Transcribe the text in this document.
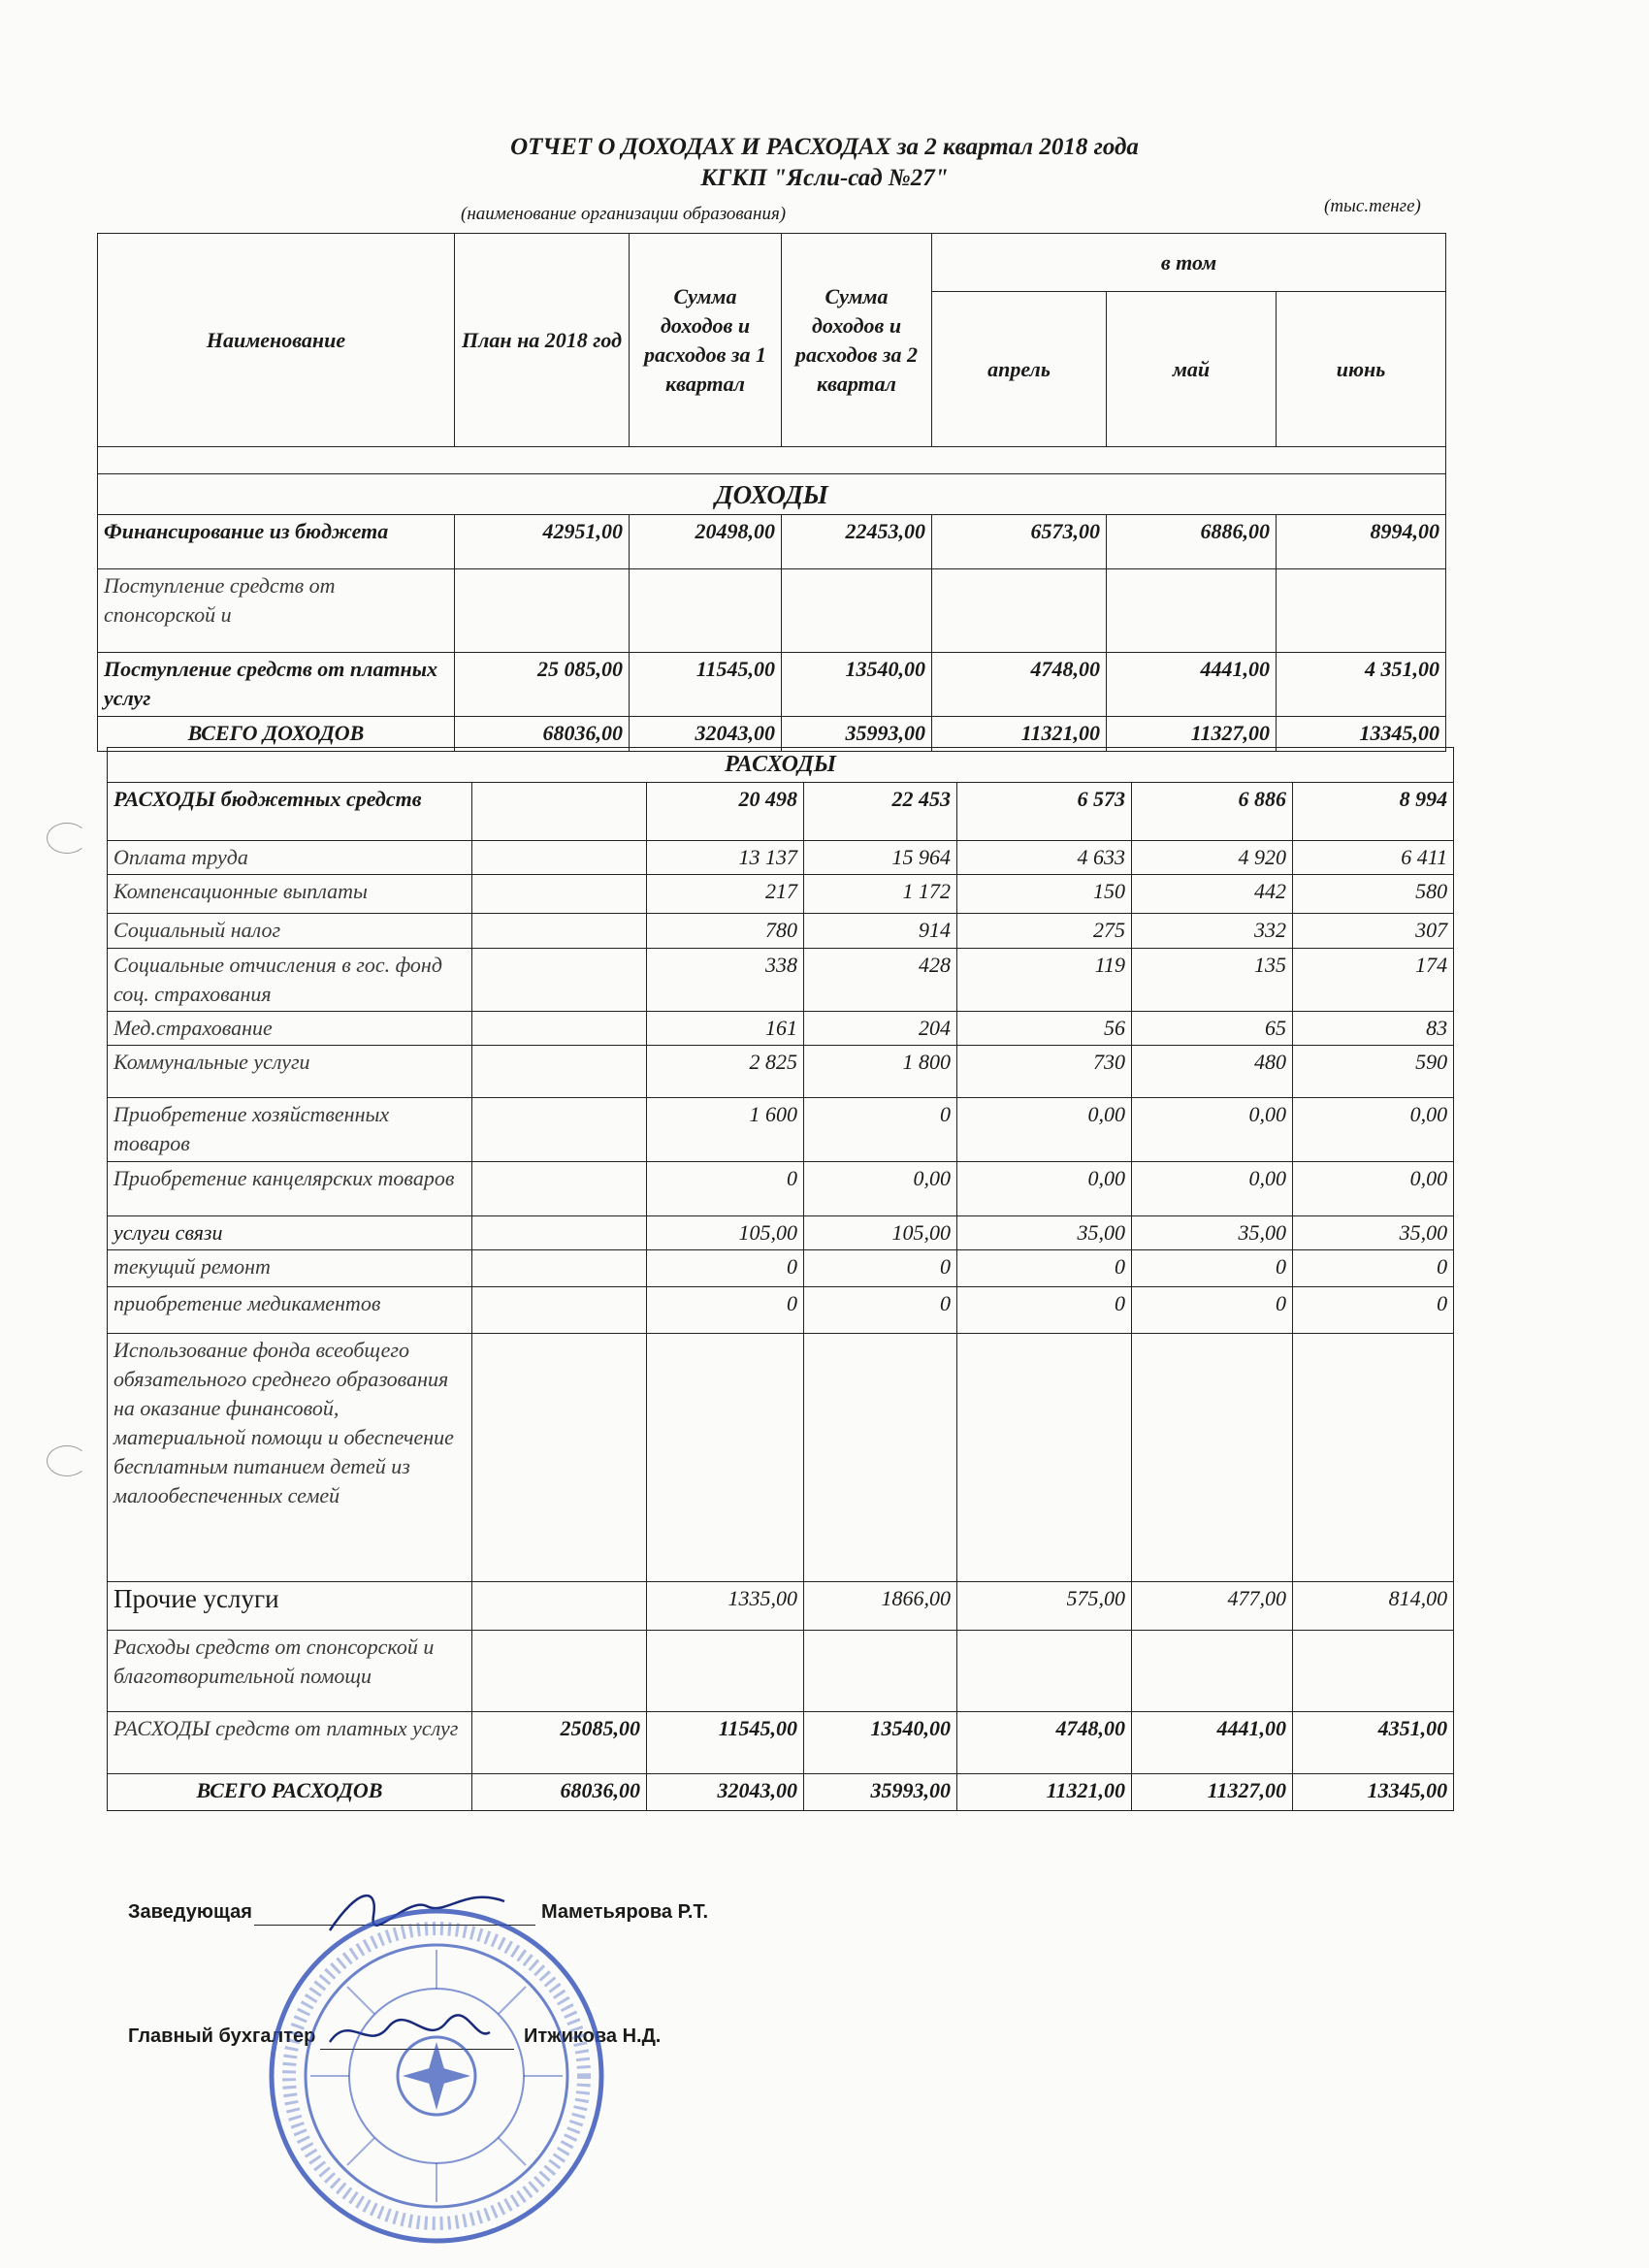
ОТЧЕТ О ДОХОДАХ И РАСХОДАХ за 2 квартал 2018 года
КГКП "Ясли-сад №27"
(наименование организации образования)	(тыс.тенге)
Наименование	План на 2018 год	Сумма доходов и расходов за 1 квартал	Сумма доходов и расходов за 2 квартал	в том		
				апрель	май	июнь

ДОХОДЫ						
Финансирование из бюджета	42951,00	20498,00	22453,00	6573,00	6886,00	8994,00
Поступление средств от спонсорской и						
Поступление средств от платных услуг	25 085,00	11545,00	13540,00	4748,00	4441,00	4 351,00
ВСЕГО ДОХОДОВ	68036,00	32043,00	35993,00	11321,00	11327,00	13345,00
РАСХОДЫ						
РАСХОДЫ бюджетных средств		20 498	22 453	6 573	6 886	8 994
Оплата труда		13 137	15 964	4 633	4 920	6 411
Компенсационные выплаты		217	1 172	150	442	580
Социальный налог		780	914	275	332	307
Социальные отчисления в гос. фонд соц. страхования		338	428	119	135	174
Мед.страхование		161	204	56	65	83
Коммунальные услуги		2 825	1 800	730	480	590
Приобретение хозяйственных товаров		1 600	0	0,00	0,00	0,00
Приобретение канцелярских товаров		0	0,00	0,00	0,00	0,00
услуги связи		105,00	105,00	35,00	35,00	35,00
текущий ремонт		0	0	0	0	0
приобретение медикаментов		0	0	0	0	0
Использование фонда всеобщего обязательного среднего образования на оказание финансовой, материальной помощи и обеспечение бесплатным питанием детей из малообеспеченных семей						
Прочие услуги		1335,00	1866,00	575,00	477,00	814,00
Расходы средств от спонсорской и благотворительной помощи						
РАСХОДЫ средств от платных услуг	25085,00	11545,00	13540,00	4748,00	4441,00	4351,00
ВСЕГО РАСХОДОВ	68036,00	32043,00	35993,00	11321,00	11327,00	13345,00
Заведующая	Маметьярова Р.Т.
Главный бухгалтер	Итжикова Н.Д.
